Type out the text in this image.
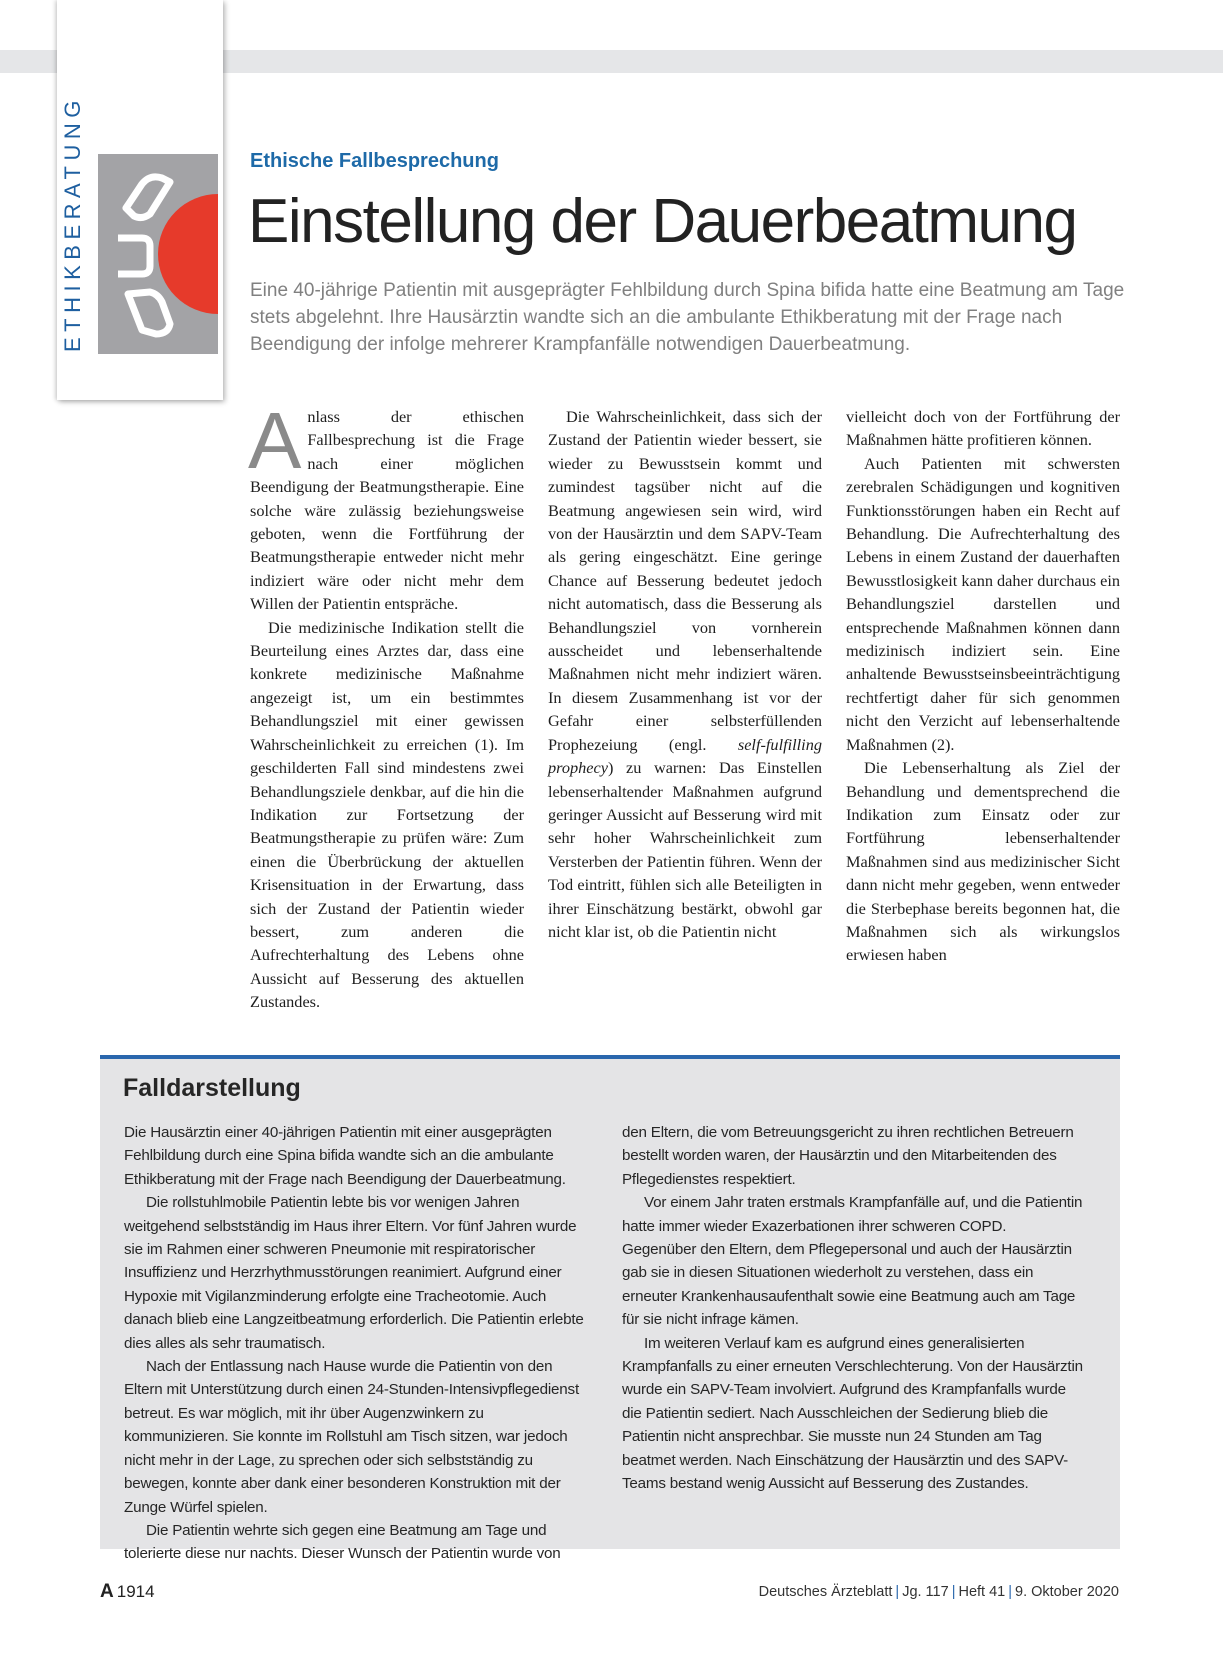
ETHIKBERATUNG	Ethische Fallbesprechung
Einstellung der Dauerbeatmung
Eine 40-jährige Patientin mit ausgeprägter Fehlbildung durch Spina bifida hatte eine Beatmung am Tage stets abgelehnt. Ihre Hausärztin wandte sich an die ambulante Ethikberatung mit der Frage nach Beendigung der infolge mehrerer Krampfanfälle notwendigen Dauerbeatmung.

Anlass der ethischen Fallbesprechung ist die Frage nach einer möglichen Beendigung der Beatmungstherapie. Eine solche wäre zulässig beziehungsweise geboten, wenn die Fortführung der Beatmungstherapie entweder nicht mehr indiziert wäre oder nicht mehr dem Willen der Patientin entspräche.

Die medizinische Indikation stellt die Beurteilung eines Arztes dar, dass eine konkrete medizinische Maßnahme angezeigt ist, um ein bestimmtes Behandlungsziel mit einer gewissen Wahrscheinlichkeit zu erreichen (1). Im geschilderten Fall sind mindestens zwei Behandlungsziele denkbar, auf die hin die Indikation zur Fortsetzung der Beatmungstherapie zu prüfen wäre: Zum einen die Überbrückung der aktuellen Krisensituation in der Erwartung, dass sich der Zustand der Patientin wieder bessert, zum anderen die Aufrechterhaltung des Lebens ohne Aussicht auf Besserung des aktuellen Zustandes.

Die Wahrscheinlichkeit, dass sich der Zustand der Patientin wieder bessert, sie wieder zu Bewusstsein kommt und zumindest tagsüber nicht auf die Beatmung angewiesen sein wird, wird von der Hausärztin und dem SAPV-Team als gering eingeschätzt. Eine geringe Chance auf Besserung bedeutet jedoch nicht automatisch, dass die Besserung als Behandlungsziel von vornherein ausscheidet und lebenserhaltende Maßnahmen nicht mehr indiziert wären. In diesem Zusammenhang ist vor der Gefahr einer selbsterfüllenden Prophezeiung (engl. self-fulfilling prophecy) zu warnen: Das Einstellen lebenserhaltender Maßnahmen aufgrund geringer Aussicht auf Besserung wird mit sehr hoher Wahrscheinlichkeit zum Versterben der Patientin führen. Wenn der Tod eintritt, fühlen sich alle Beteiligten in ihrer Einschätzung bestärkt, obwohl gar nicht klar ist, ob die Patientin nicht

vielleicht doch von der Fortführung der Maßnahmen hätte profitieren können.

Auch Patienten mit schwersten zerebralen Schädigungen und kognitiven Funktionsstörungen haben ein Recht auf Behandlung. Die Aufrechterhaltung des Lebens in einem Zustand der dauerhaften Bewusstlosigkeit kann daher durchaus ein Behandlungsziel darstellen und entsprechende Maßnahmen können dann medizinisch indiziert sein. Eine anhaltende Bewusstseinsbeeinträchtigung rechtfertigt daher für sich genommen nicht den Verzicht auf lebenserhaltende Maßnahmen (2).

Die Lebenserhaltung als Ziel der Behandlung und dementsprechend die Indikation zum Einsatz oder zur Fortführung lebenserhaltender Maßnahmen sind aus medizinischer Sicht dann nicht mehr gegeben, wenn entweder die Sterbephase bereits begonnen hat, die Maßnahmen sich als wirkungslos erwiesen haben

Falldarstellung

Die Hausärztin einer 40-jährigen Patientin mit einer ausgeprägten Fehlbildung durch eine Spina bifida wandte sich an die ambulante Ethikberatung mit der Frage nach Beendigung der Dauerbeatmung.

Die rollstuhlmobile Patientin lebte bis vor wenigen Jahren weitgehend selbstständig im Haus ihrer Eltern. Vor fünf Jahren wurde sie im Rahmen einer schweren Pneumonie mit respiratorischer Insuffizienz und Herzrhythmusstörungen reanimiert. Aufgrund einer Hypoxie mit Vigilanzminderung erfolgte eine Tracheotomie. Auch danach blieb eine Langzeitbeatmung erforderlich. Die Patientin erlebte dies alles als sehr traumatisch.

Nach der Entlassung nach Hause wurde die Patientin von den Eltern mit Unterstützung durch einen 24-Stunden-Intensivpflegedienst betreut. Es war möglich, mit ihr über Augenzwinkern zu kommunizieren. Sie konnte im Rollstuhl am Tisch sitzen, war jedoch nicht mehr in der Lage, zu sprechen oder sich selbstständig zu bewegen, konnte aber dank einer besonderen Konstruktion mit der Zunge Würfel spielen.

Die Patientin wehrte sich gegen eine Beatmung am Tage und tolerierte diese nur nachts. Dieser Wunsch der Patientin wurde von

den Eltern, die vom Betreuungsgericht zu ihren rechtlichen Betreuern bestellt worden waren, der Hausärztin und den Mitarbeitenden des Pflegedienstes respektiert.

Vor einem Jahr traten erstmals Krampfanfälle auf, und die Patientin hatte immer wieder Exazerbationen ihrer schweren COPD. Gegenüber den Eltern, dem Pflegepersonal und auch der Hausärztin gab sie in diesen Situationen wiederholt zu verstehen, dass ein erneuter Krankenhausaufenthalt sowie eine Beatmung auch am Tage für sie nicht infrage kämen.

Im weiteren Verlauf kam es aufgrund eines generalisierten Krampfanfalls zu einer erneuten Verschlechterung. Von der Hausärztin wurde ein SAPV-Team involviert. Aufgrund des Krampfanfalls wurde die Patientin sediert. Nach Ausschleichen der Sedierung blieb die Patientin nicht ansprechbar. Sie musste nun 24 Stunden am Tag beatmet werden. Nach Einschätzung der Hausärztin und des SAPV-Teams bestand wenig Aussicht auf Besserung des Zustandes.

A 1914	Deutsches Ärzteblatt | Jg. 117 | Heft 41 | 9. Oktober 2020
